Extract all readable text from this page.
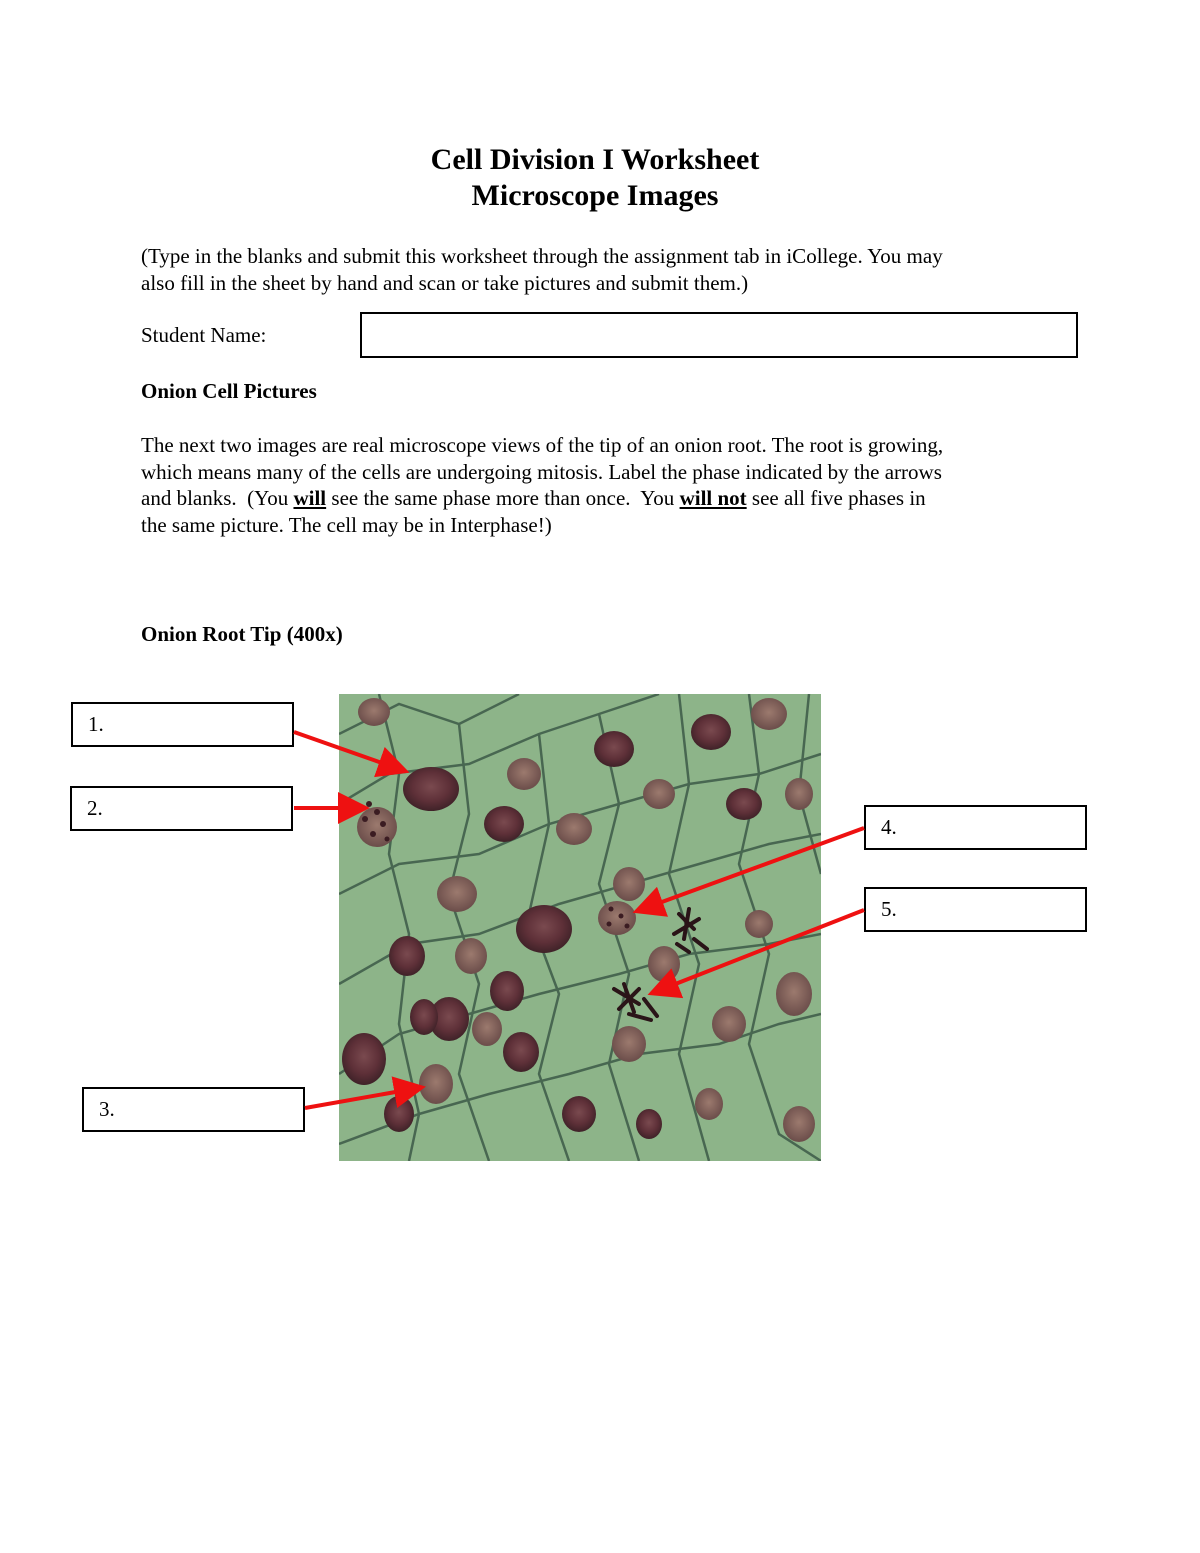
Cell Division I Worksheet
Microscope Images
(Type in the blanks and submit this worksheet through the assignment tab in iCollege. You may
also fill in the sheet by hand and scan or take pictures and submit them.)
Student Name:
Onion Cell Pictures
The next two images are real microscope views of the tip of an onion root. The root is growing,
which means many of the cells are undergoing mitosis. Label the phase indicated by the arrows
and blanks.  (You will see the same phase more than once.  You will not see all five phases in
the same picture. The cell may be in Interphase!)
Onion Root Tip (400x)
1.
2.
3.
4.
5.
